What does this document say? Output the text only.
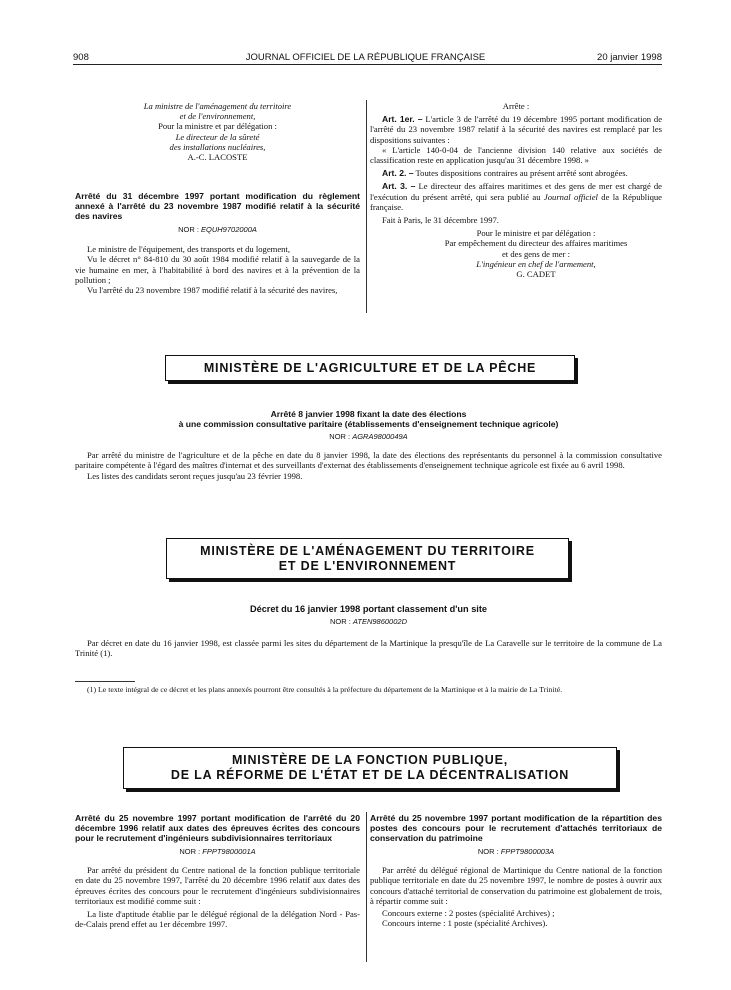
908	JOURNAL OFFICIEL DE LA RÉPUBLIQUE FRANÇAISE	20 janvier 1998

La ministre de l'aménagement du territoire

et de l'environnement,

Pour la ministre et par délégation :

Le directeur de la sûreté

des installations nucléaires,

A.-C. LACOSTE

Arrêté du 31 décembre 1997 portant modification du règlement annexé à l'arrêté du 23 novembre 1987 modifié relatif à la sécurité des navires

NOR : EQUH9702000A

Le ministre de l'équipement, des transports et du logement,

Vu le décret n° 84-810 du 30 août 1984 modifié relatif à la sauvegarde de la vie humaine en mer, à l'habitabilité à bord des navires et à la prévention de la pollution ;

Vu l'arrêté du 23 novembre 1987 modifié relatif à la sécurité des navires,

Arrête :

Art. 1er. – L'article 3 de l'arrêté du 19 décembre 1995 portant modification de l'arrêté du 23 novembre 1987 relatif à la sécurité des navires est remplacé par les dispositions suivantes :

« L'article 140-0-04 de l'ancienne division 140 relative aux sociétés de classification reste en application jusqu'au 31 décembre 1998. »

Art. 2. – Toutes dispositions contraires au présent arrêté sont abrogées.

Art. 3. – Le directeur des affaires maritimes et des gens de mer est chargé de l'exécution du présent arrêté, qui sera publié au Journal officiel de la République française.

Fait à Paris, le 31 décembre 1997.

Pour le ministre et par délégation :

Par empêchement du directeur des affaires maritimes

et des gens de mer :

L'ingénieur en chef de l'armement,

G. CADET

MINISTÈRE DE L'AGRICULTURE ET DE LA PÊCHE

Arrêté 8 janvier 1998 fixant la date des élections

à une commission consultative paritaire (établissements d'enseignement technique agricole)

NOR : AGRA9800049A

Par arrêté du ministre de l'agriculture et de la pêche en date du 8 janvier 1998, la date des élections des représentants du personnel à la commission consultative paritaire compétente à l'égard des maîtres d'internat et des surveillants d'externat des établissements d'enseignement technique agricole est fixée au 6 avril 1998.

Les listes des candidats seront reçues jusqu'au 23 février 1998.

MINISTÈRE DE L'AMÉNAGEMENT DU TERRITOIRE
ET DE L'ENVIRONNEMENT

Décret du 16 janvier 1998 portant classement d'un site

NOR : ATEN9860002D

Par décret en date du 16 janvier 1998, est classée parmi les sites du département de la Martinique la presqu'île de La Caravelle sur le territoire de la commune de La Trinité (1).

(1) Le texte intégral de ce décret et les plans annexés pourront être consultés à la préfecture du département de la Martinique et à la mairie de La Trinité.

MINISTÈRE DE LA FONCTION PUBLIQUE,
DE LA RÉFORME DE L'ÉTAT ET DE LA DÉCENTRALISATION

Arrêté du 25 novembre 1997 portant modification de l'arrêté du 20 décembre 1996 relatif aux dates des épreuves écrites des concours pour le recrutement d'ingénieurs subdivisionnaires territoriaux

NOR : FPPT9800001A

Par arrêté du président du Centre national de la fonction publique territoriale en date du 25 novembre 1997, l'arrêté du 20 décembre 1996 relatif aux dates des épreuves écrites des concours pour le recrutement d'ingénieurs subdivisionnaires territoriaux est modifié comme suit :

La liste d'aptitude établie par le délégué régional de la délégation Nord - Pas-de-Calais prend effet au 1er décembre 1997.

Arrêté du 25 novembre 1997 portant modification de la répartition des postes des concours pour le recrutement d'attachés territoriaux de conservation du patrimoine

NOR : FPPT9800003A

Par arrêté du délégué régional de Martinique du Centre national de la fonction publique territoriale en date du 25 novembre 1997, le nombre de postes à ouvrir aux concours d'attaché territorial de conservation du patrimoine est globalement de trois, à répartir comme suit :

Concours externe : 2 postes (spécialité Archives) ;

Concours interne : 1 poste (spécialité Archives).
